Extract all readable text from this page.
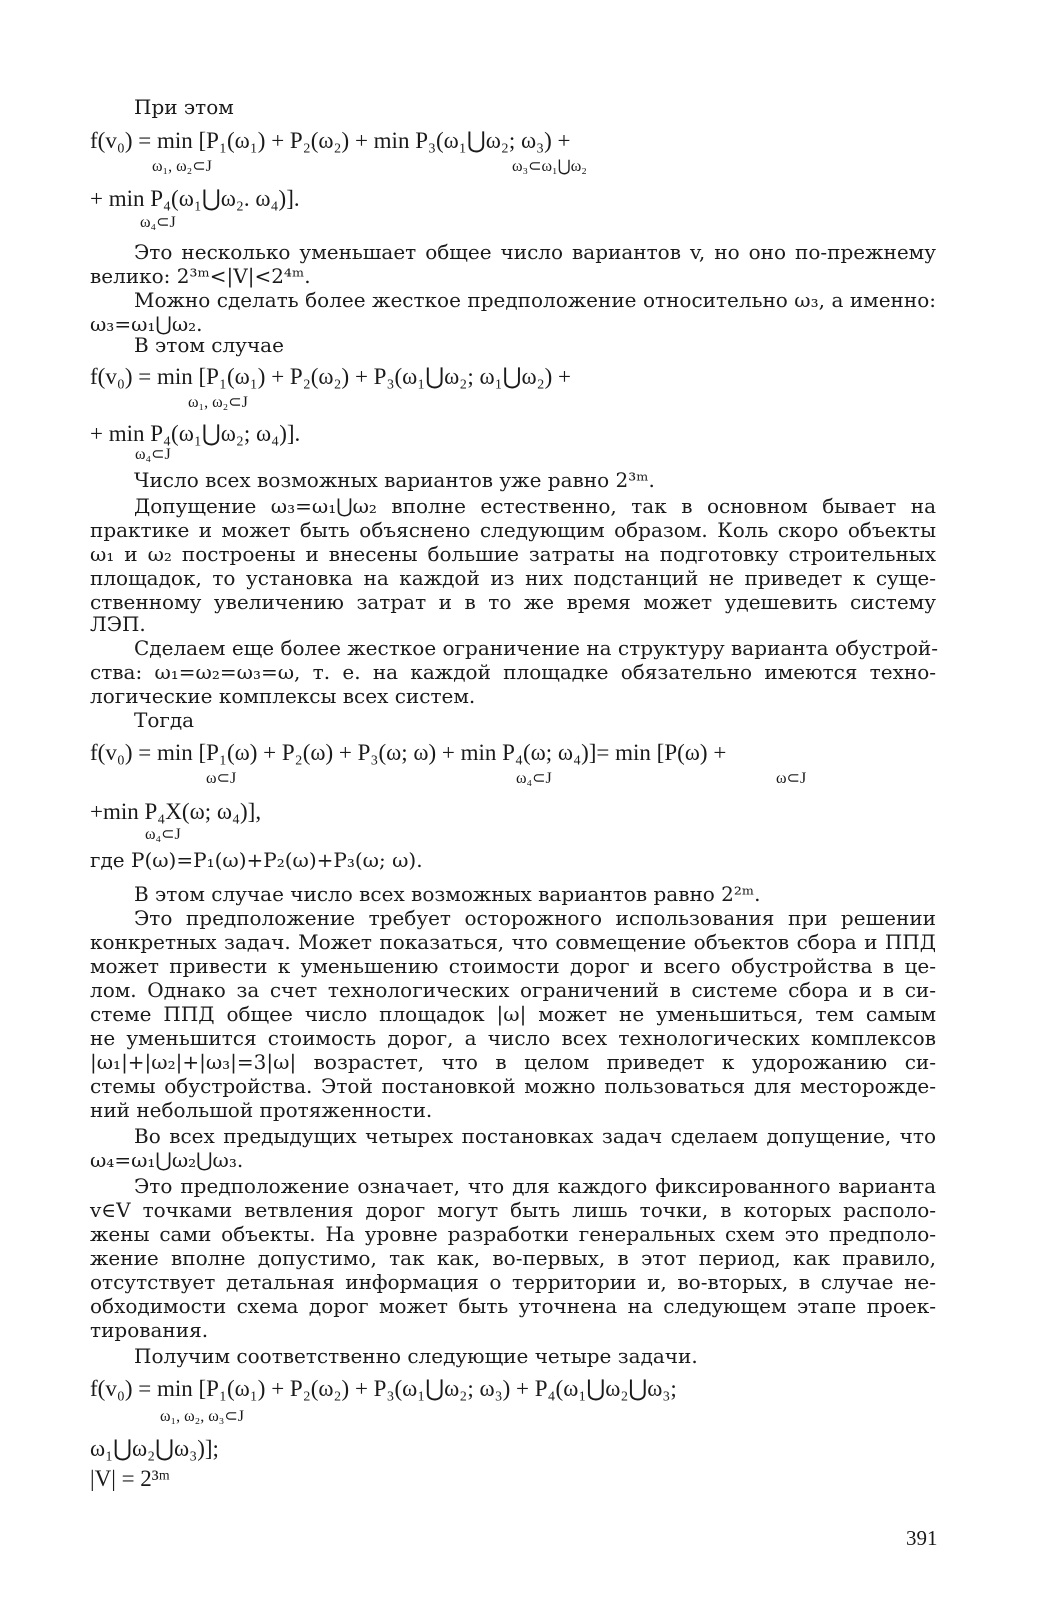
При этом
f(v₀) = min [P₁(ω₁) + P₂(ω₂) + min P₃(ω₁⋃ω₂; ω₃) +
ω₁, ω₂⊂J	ω₃⊂ω₁⋃ω₂
+ min P₄(ω₁⋃ω₂. ω₄)].
ω₄⊂J
Это несколько уменьшает общее число вариантов v, но оно по-прежнему
велико: 2³ᵐ<|V|<2⁴ᵐ.
Можно сделать более жесткое предположение относительно ω₃, а именно:
ω₃=ω₁⋃ω₂.
В этом случае
f(v₀) = min [P₁(ω₁) + P₂(ω₂) + P₃(ω₁⋃ω₂; ω₁⋃ω₂) +
ω₁, ω₂⊂J
+ min P₄(ω₁⋃ω₂; ω₄)].
ω₄⊂J
Число всех возможных вариантов уже равно 2³ᵐ.
Допущение ω₃=ω₁⋃ω₂ вполне естественно, так в основном бывает на
практике и может быть объяснено следующим образом. Коль скоро объекты
ω₁ и ω₂ построены и внесены большие затраты на подготовку строительных
площадок, то установка на каждой из них подстанций не приведет к суще-
ственному увеличению затрат и в то же время может удешевить систему
ЛЭП.
Сделаем еще более жесткое ограничение на структуру варианта обустрой-
ства: ω₁=ω₂=ω₃=ω, т. е. на каждой площадке обязательно имеются техно-
логические комплексы всех систем.
Тогда
f(v₀) = min [P₁(ω) + P₂(ω) + P₃(ω; ω) + min P₄(ω; ω₄)]= min [P(ω) +
ω⊂J	ω₄⊂J	ω⊂J
+min P₄X(ω; ω₄)],
ω₄⊂J
где P(ω)=P₁(ω)+P₂(ω)+P₃(ω; ω).
В этом случае число всех возможных вариантов равно 2²ᵐ.
Это предположение требует осторожного использования при решении
конкретных задач. Может показаться, что совмещение объектов сбора и ППД
может привести к уменьшению стоимости дорог и всего обустройства в це-
лом. Однако за счет технологических ограничений в системе сбора и в си-
стеме ППД общее число площадок |ω| может не уменьшиться, тем самым
не уменьшится стоимость дорог, а число всех технологических комплексов
|ω₁|+|ω₂|+|ω₃|=3|ω| возрастет, что в целом приведет к удорожанию си-
стемы обустройства. Этой постановкой можно пользоваться для месторожде-
ний небольшой протяженности.
Во всех предыдущих четырех постановках задач сделаем допущение, что
ω₄=ω₁⋃ω₂⋃ω₃.
Это предположение означает, что для каждого фиксированного варианта
v∈V точками ветвления дорог могут быть лишь точки, в которых располо-
жены сами объекты. На уровне разработки генеральных схем это предполо-
жение вполне допустимо, так как, во-первых, в этот период, как правило,
отсутствует детальная информация о территории и, во-вторых, в случае не-
обходимости схема дорог может быть уточнена на следующем этапе проек-
тирования.
Получим соответственно следующие четыре задачи.
f(v₀) = min [P₁(ω₁) + P₂(ω₂) + P₃(ω₁⋃ω₂; ω₃) + P₄(ω₁⋃ω₂⋃ω₃;
ω₁, ω₂, ω₃⊂J
ω₁⋃ω₂⋃ω₃)];
|V| = 2³ᵐ
391
